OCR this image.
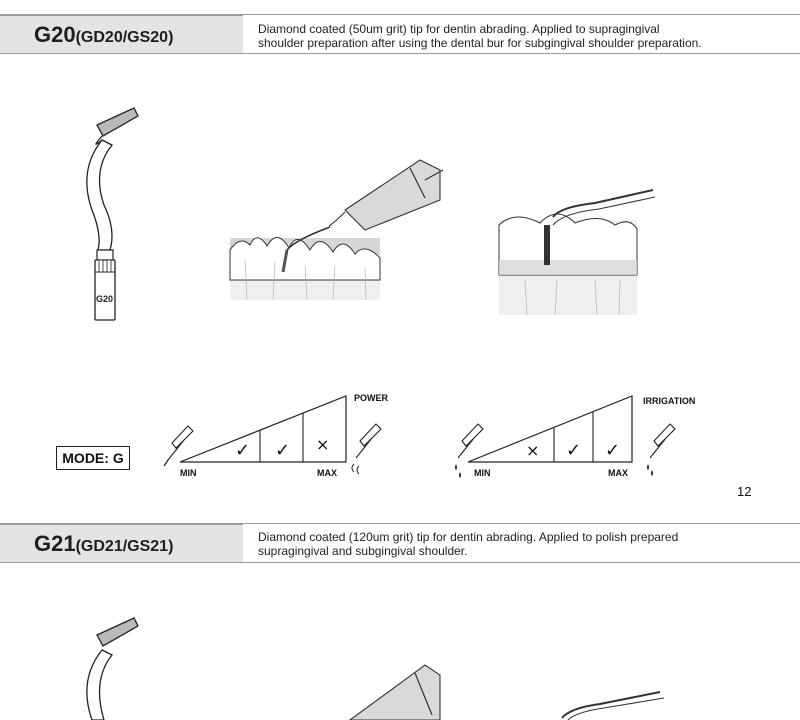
G20(GD20/GS20)	Diamond coated (50um grit) tip for dentin abrading. Applied to supragingival
shoulder preparation after using the dental bur for subgingival shoulder preparation.
G20
MODE: G
POWER
✓ ✓ ×
MIN	MAX
IRRIGATION
× ✓ ✓
MIN	MAX
12
G21(GD21/GS21)
Diamond coated (120um grit) tip for dentin abrading. Applied to polish prepared
supragingival and subgingival shoulder.
